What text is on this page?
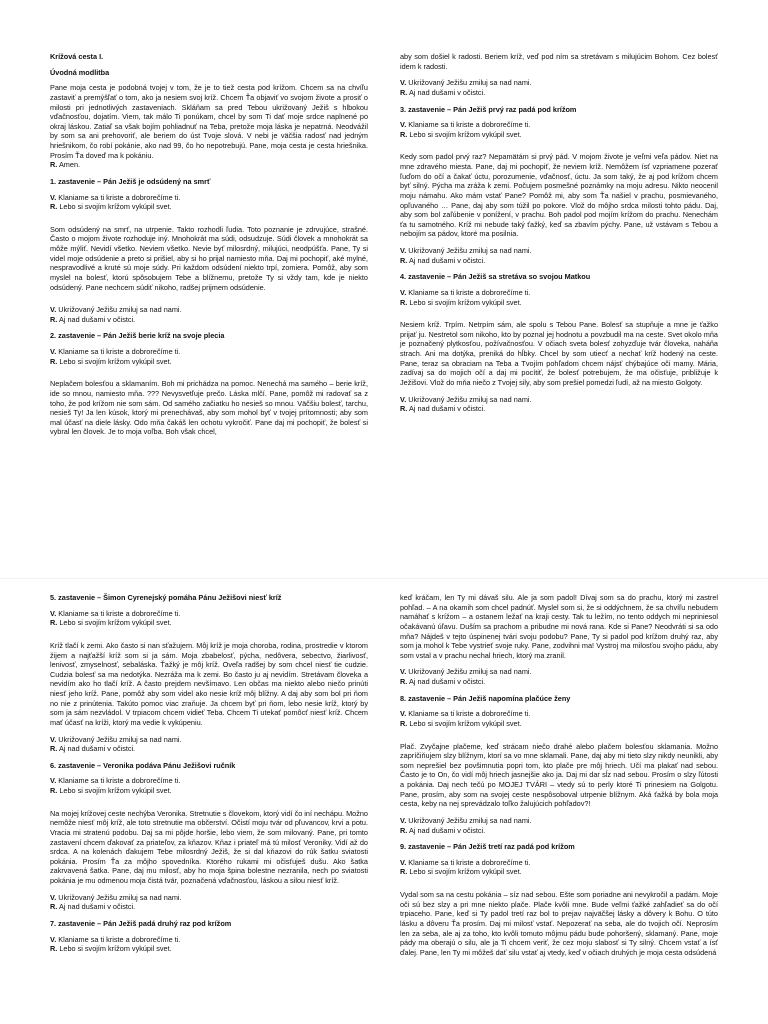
Krížová cesta I.
Úvodná modlitba

Pane moja cesta je podobná tvojej v tom, že je to tiež cesta pod krížom. Chcem sa na chvíľu zastaviť a premýšľať o tom, ako ja nesiem svoj kríž. Chcem Ťa objaviť vo svojom živote a prosiť o milosti pri jednotlivých zastaveniach. Skláňam sa pred Tebou ukrižovaný Ježiš s hlbokou vďačnosťou, dojatím. Viem, tak málo Ti ponúkam, chcel by som Ti dať moje srdce naplnené po okraj láskou. Zatiaľ sa však bojím pohliadnuť na Teba, pretože moja láska je nepatrná. Neodvážil by som sa ani prehovoriť, ale beriem do úst Tvoje slová. V nebi je väčšia radosť nad jedným hriešnikom, čo robí pokánie, ako nad 99, čo ho nepotrebujú. Pane, moja cesta je cesta hriešnika. Prosím Ťa doveď ma k pokániu.

R. Amen.

1. zastavenie – Pán Ježiš je odsúdený na smrť
V. Klaniame sa ti kriste a dobrorečíme ti.
R. Lebo si svojím krížom vykúpil svet.

Som odsúdený na smrť, na utrpenie. Takto rozhodli ľudia. Toto poznanie je zdrvujúce, strašné. Často o mojom živote rozhoduje iný. Mnohokrát ma súdi, odsudzuje. Súdi človek a mnohokrát sa môže mýliť. Nevidí všetko. Neviem všetko. Nevie byť milosrdný, milujúci, neodpúšťa. Pane, Ty si videl moje odsúdenie a preto si prišiel, aby si ho prijal namiesto mňa. Daj mi pochopiť, aké mylné, nespravodlivé a kruté sú moje súdy. Pri každom odsúdení niekto trpí, zomiera. Pomôž, aby som myslel na bolesť, ktorú spôsobujem Tebe a blížnemu, pretože Ty si vždy tam, kde je niekto odsúdený. Pane nechcem súdiť nikoho, radšej prijmem odsúdenie.

V. Ukrižovaný Ježišu zmiluj sa nad nami.
R. Aj nad dušami v očistci.
2. zastavenie – Pán Ježiš berie kríž na svoje plecia
V. Klaniame sa ti kriste a dobrorečíme ti.
R. Lebo si svojím krížom vykúpil svet.

Neplačem bolesťou a sklamaním. Boh mi prichádza na pomoc. Nenechá ma samého – berie kríž, ide so mnou, namiesto mňa. ??? Nevysvetľuje prečo. Láska mlčí. Pane, pomôž mi radovať sa z toho, že pod krížom nie som sám. Od samého začiatku ho nesieš so mnou. Väčšiu bolesť, tarchu, nesieš Ty! Ja len kúsok, ktorý mi prenechávaš, aby som mohol byť v tvojej prítomnosti; aby som mal účasť na diele lásky. Odo mňa čakáš len ochotu vykročiť. Pane daj mi pochopiť, že bolesť si vybral len človek. Je to moja voľba. Boh však chcel,

aby som došiel k radosti. Beriem kríž, veď pod ním sa stretávam s milujúcim Bohom. Cez bolesť idem k radosti.

V. Ukrižovaný Ježišu zmiluj sa nad nami.
R. Aj nad dušami v očistci.
3. zastavenie – Pán Ježiš prvý raz padá pod krížom
V. Klaniame sa ti kriste a dobrorečíme ti.
R. Lebo si svojím krížom vykúpil svet.

Kedy som padol prvý raz? Nepamätám si prvý pád. V mojom živote je veľmi veľa pádov. Niet na mne zdravého miesta. Pane, daj mi pochopiť, že neviem kríž. Nemôžem ísť vzpriamene pozerať ľuďom do očí a čakať úctu, porozumenie, vďačnosť, úctu. Ja som taký, že aj pod krížom chcem byť silný. Pýcha ma zráža k zemi. Počujem posmešné poznámky na moju adresu. Nikto neocenil moju námahu. Ako mám vstať Pane? Pomôž mi, aby som Ťa našiel v prachu, posmievaného, opľuvaného … Pane, daj aby som túžil po pokore. Vlož do môjho srdca milosti tohto pádu. Daj, aby som bol zaľúbenie v ponížení, v prachu. Boh padol pod mojím krížom do prachu. Nenechám ťa tu samotného. Kríž mi nebude taký ťažký, keď sa zbavím pýchy. Pane, už vstávam s Tebou a nebojím sa pádov, ktoré ma posilnia.

V. Ukrižovaný Ježišu zmiluj sa nad nami.
R. Aj nad dušami v očistci.
4. zastavenie – Pán Ježiš sa stretáva so svojou Matkou
V. Klaniame sa ti kriste a dobrorečíme ti.
R. Lebo si svojím krížom vykúpil svet.

Nesiem kríž. Trpím. Netrpím sám, ale spolu s Tebou Pane. Bolesť sa stupňuje a mne je ťažko prijať ju. Nestretol som nikoho, kto by poznal jej hodnotu a povzbudil ma na ceste. Svet okolo mňa je poznačený plytkosťou, požívačnosťou. V očiach sveta bolesť zohyzďuje tvár človeka, naháňa strach. Ani ma dotýka, preniká do hĺbky. Chcel by som utiecť a nechať kríž hodený na ceste. Pane, teraz sa obraciam na Teba a Tvojím pohľadom chcem nájsť chýbajúce oči mamy. Mária, zadívaj sa do mojich očí a daj mi pocítiť, že bolesť potrebujem, že ma očisťuje, približuje k Ježišovi. Vlož do mňa niečo z Tvojej sily, aby som prešiel pomedzi ľudí, až na miesto Golgoty.

V. Ukrižovaný Ježišu zmiluj sa nad nami.
R. Aj nad dušami v očistci.
5. zastavenie – Šimon Cyrenejský pomáha Pánu Ježišovi niesť kríž
V. Klaniame sa ti kriste a dobrorečíme ti.
R. Lebo si svojím krížom vykúpil svet.

Kríž tlačí k zemi. Ako často si nan sťažujem. Môj kríž je moja choroba, rodina, prostredie v ktorom žijem a najťažší kríž som si ja sám. Moja zbabelosť, pýcha, nedôvera, sebectvo, žiarlivosť, lenivosť, zmyselnosť, sebaláska. Ťažký je môj kríž. Oveľa radšej by som chcel niesť tie cudzie. Cudzia bolesť sa ma nedotýka. Nezráža ma k zemi. Bo často ju aj nevidím. Stretávam človeka a nevidím ako ho tlačí kríž. A často prejdem nevšímavo. Len občas ma niekto alebo niečo prinúti niesť jeho kríž. Pane, pomôž aby som videl ako nesie kríž môj blížny. A daj aby som bol pri ňom no nie z prinútenia. Takúto pomoc viac zraňuje. Ja chcem byť pri ňom, lebo nesie kríž, ktorý by som ja sám nezvládol. V trpiacom chcem vidieť Teba. Chcem Ti utekať pomôcť niesť kríž. Chcem mať účasť na kríži, ktorý ma vedie k vykúpeniu.

V. Ukrižovaný Ježišu zmiluj sa nad nami.
R. Aj nad dušami v očistci.
6. zastavenie – Veronika podáva Pánu Ježišovi ručník
V. Klaniame sa ti kriste a dobrorečíme ti.
R. Lebo si svojím krížom vykúpil svet.

Na mojej krížovej ceste nechýba Veronika. Stretnutie s človekom, ktorý vidí čo iní nechápu. Možno nemôže niesť môj kríž, ale toto stretnutie ma občerství. Očistí moju tvár od pľuvancov, krvi a potu. Vracia mi stratenú podobu. Daj sa mi pôjde horšie, lebo viem, že som milovaný. Pane, pri tomto zastavení chcem ďakovať za priateľov, za kňazov. Kňaz i priateľ má tú milosť Veroniky. Vidí až do srdca. A na kolenách ďakujem Tebe milosrdný Ježiš, že si dal kňazovi do rúk šatku sviatosti pokánia. Prosím Ťa za môjho spovedníka. Ktorého rukami mi očisťuješ dušu. Ako šatka zakrvavená šatka. Pane, daj mu milosť, aby ho moja špina bolestne nezranila, nech po sviatosti pokánia je mu odmenou moja čistá tvár, poznačená vďačnosťou, láskou a silou niesť kríž.

V. Ukrižovaný Ježišu zmiluj sa nad nami.
R. Aj nad dušami v očistci.
7. zastavenie – Pán Ježiš padá druhý raz pod krížom
V. Klaniame sa ti kriste a dobrorečíme ti.
R. Lebo si svojím krížom vykúpil svet.

keď kráčam, len Ty mi dávaš silu. Ale ja som padol! Dívaj som sa do prachu, ktorý mi zastrel pohľad. – A na okamih som chcel padnúť. Myslel som si, že si oddýchnem, že sa chvíľu nebudem namáhať s krížom – a ostanem ležať na kraji cesty. Tak tu ležím, no tento oddych mi nepriniesol očakávanú úľavu. Duším sa prachom a pribudne mi nová rana. Kde si Pane? Neodvráti si sa odo mňa? Nájdeš v tejto úspinenej tvári svoju podobu? Pane, Ty si padol pod krížom druhý raz, aby som ja mohol k Tebe vystrieť svoje ruky. Pane, zodvihni ma! Vystroj ma milosťou svojho pádu, aby som vstal a v prachu nechal hriech, ktorý ma zranil.

V. Ukrižovaný Ježišu zmiluj sa nad nami.
R. Aj nad dušami v očistci.
8. zastavenie – Pán Ježiš napomína plačúce ženy
V. Klaniame sa ti kriste a dobrorečíme ti.
R. Lebo si svojím krížom vykúpil svet.

Plač. Zvyčajne plačeme, keď strácam niečo drahé alebo plačem bolesťou sklamania. Možno zapríčiňujem slzy blížnym, ktorí sa vo mne sklamali. Pane, daj aby mi tieto slzy nikdy neunikli, aby som neprešiel bez povšimnutia popri tom, kto plače pre môj hriech. Učí ma plakať nad sebou. Často je to On, čo vidí môj hriech jasnejšie ako ja. Daj mi dar sĺz nad sebou. Prosím o slzy ľútosti a pokánia. Daj nech tečú po MOJEJ TVÁRI – vtedy sú to perly ktoré Ti prinesiem na Golgotu. Pane, prosím, aby som na svojej ceste nespôsoboval utrpenie blížnym. Aká ťažká by bola moja cesta, keby na nej sprevádzalo toľko žalujúcich pohľadov?!

V. Ukrižovaný Ježišu zmiluj sa nad nami.
R. Aj nad dušami v očistci.
9. zastavenie – Pán Ježiš tretí raz padá pod krížom
V. Klaniame sa ti kriste a dobrorečíme ti.
R. Lebo si svojím krížom vykúpil svet.

Vydal som sa na cestu pokánia – síz nad sebou. Ešte som poriadne ani nevykročil a padám. Moje oči sú bez slzy a pri mne niekto plače. Plače kvôli mne. Bude veľmi ťažké zahľadieť sa do očí trpiaceho. Pane, keď si Ty padol tretí raz bol to prejav najväčšej lásky a dôvery k Bohu. O túto lásku a dôveru Ťa prosím. Daj mi milosť vstať. Nepozerať na seba, ale do tvojich očí. Neprosím len za seba, ale aj za toho, kto kvôli tomuto môjmu pádu bude pohoršený, sklamaný. Pane, moje pády ma oberajú o silu, ale ja Ti chcem veriť, že cez moju slabosť si Ty silný. Chcem vstať a ísť ďalej. Pane, len Ty mi môžeš dať silu vstať aj vtedy, keď v očiach druhých je moja cesta odsúdená
